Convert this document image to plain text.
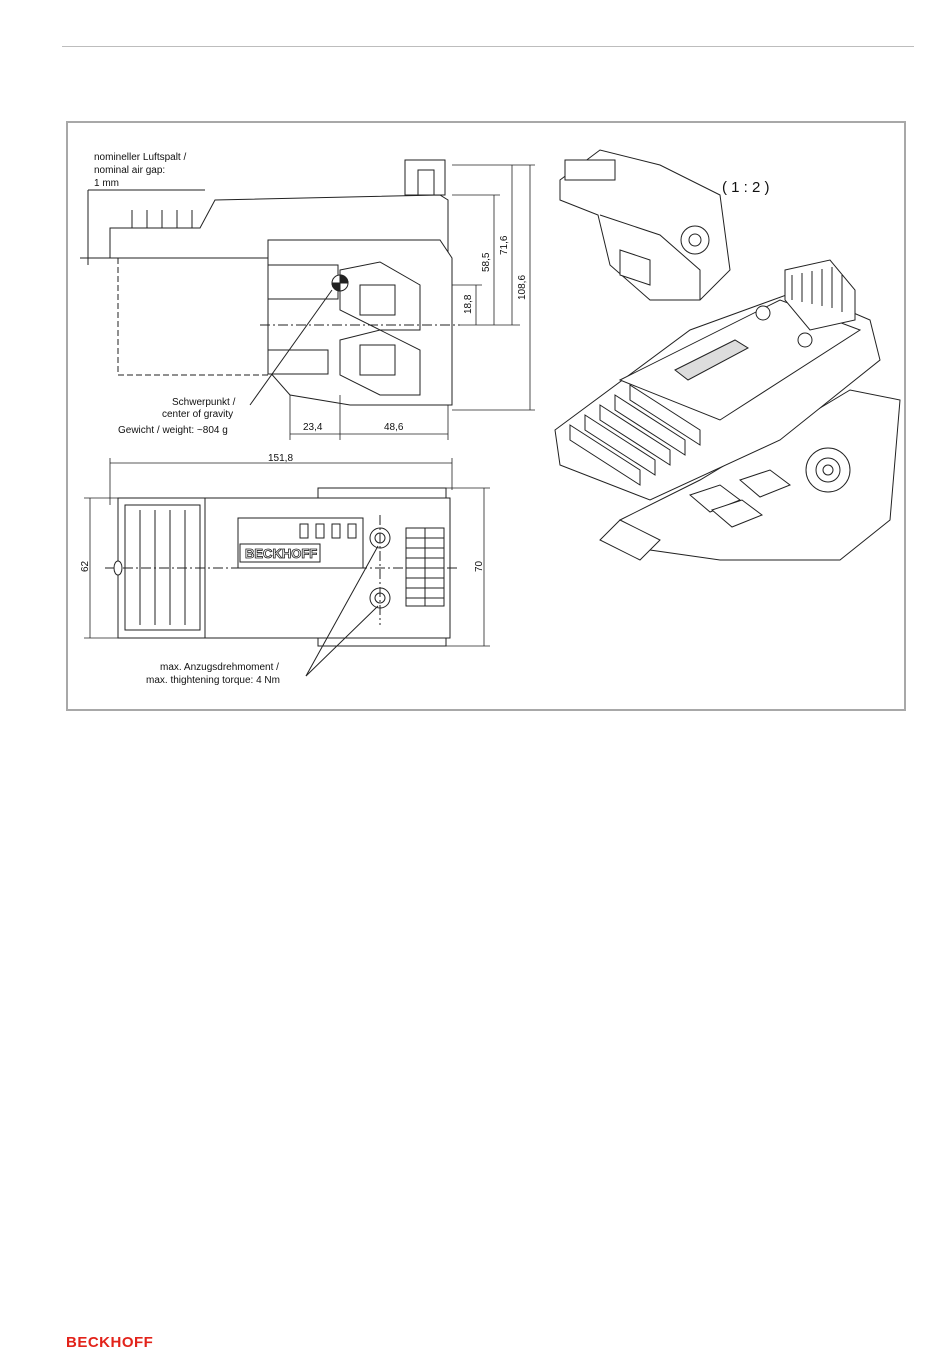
nomineller Luftspalt /
nominal air gap:
1 mm
58,5
71,6
108,6
18,8
23,4	48,6
Schwerpunkt /
center of gravity
Gewicht / weight: ~804 g
BECKHOFF
151,8
62	70
max. Anzugsdrehmoment /
max. thightening torque: 4 Nm
( 1 : 2 )
BECKHOFF
